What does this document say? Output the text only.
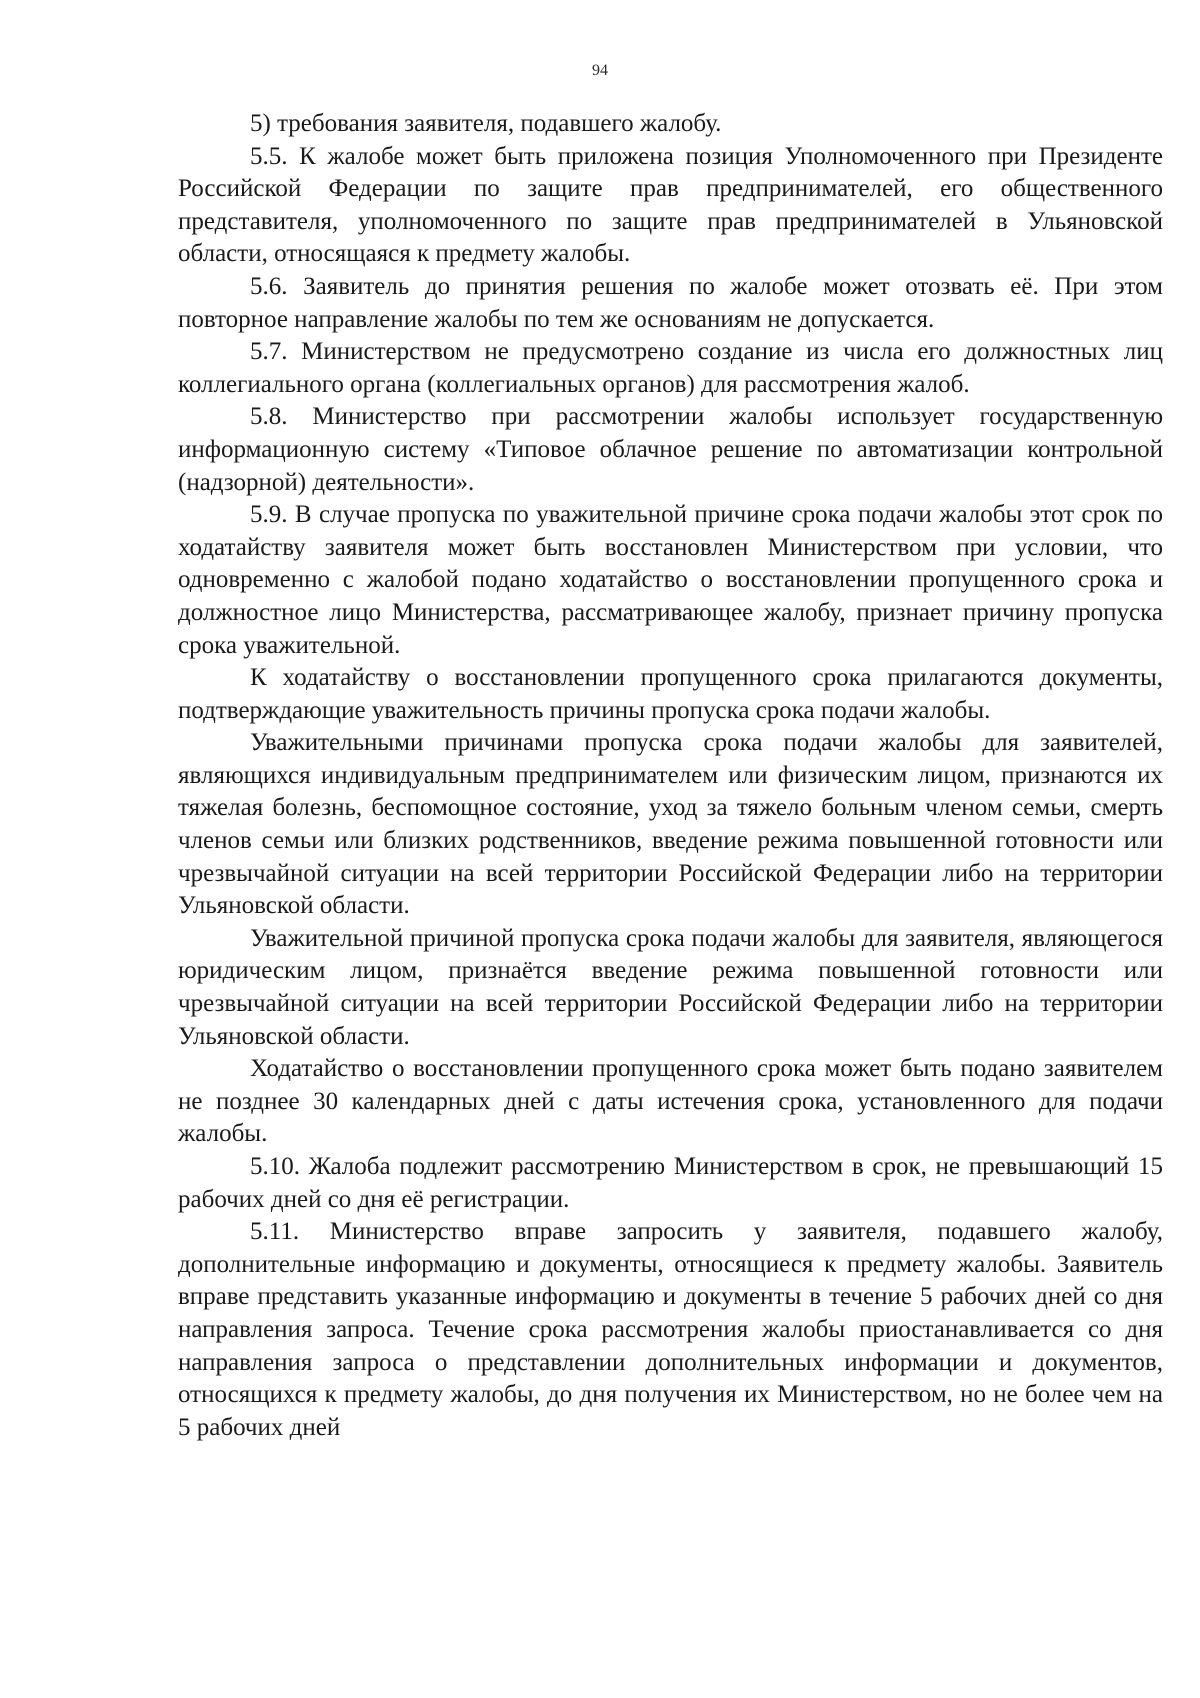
94

5) требования заявителя, подавшего жалобу.

5.5. К жалобе может быть приложена позиция Уполномоченного при Президенте Российской Федерации по защите прав предпринимателей, его общественного представителя, уполномоченного по защите прав предпринимателей в Ульяновской области, относящаяся к предмету жалобы.

5.6. Заявитель до принятия решения по жалобе может отозвать её. При этом повторное направление жалобы по тем же основаниям не допускается.

5.7. Министерством не предусмотрено создание из числа его должностных лиц коллегиального органа (коллегиальных органов) для рассмотрения жалоб.

5.8. Министерство при рассмотрении жалобы использует государственную информационную систему «Типовое облачное решение по автоматизации контрольной (надзорной) деятельности».

5.9. В случае пропуска по уважительной причине срока подачи жалобы этот срок по ходатайству заявителя может быть восстановлен Министерством при условии, что одновременно с жалобой подано ходатайство о восстановлении пропущенного срока и должностное лицо Министерства, рассматривающее жалобу, признает причину пропуска срока уважительной.

К ходатайству о восстановлении пропущенного срока прилагаются документы, подтверждающие уважительность причины пропуска срока подачи жалобы.

Уважительными причинами пропуска срока подачи жалобы для заявителей, являющихся индивидуальным предпринимателем или физическим лицом, признаются их тяжелая болезнь, беспомощное состояние, уход за тяжело больным членом семьи, смерть членов семьи или близких родственников, введение режима повышенной готовности или чрезвычайной ситуации на всей территории Российской Федерации либо на территории Ульяновской области.

Уважительной причиной пропуска срока подачи жалобы для заявителя, являющегося юридическим лицом, признаётся введение режима повышенной готовности или чрезвычайной ситуации на всей территории Российской Федерации либо на территории Ульяновской области.

Ходатайство о восстановлении пропущенного срока может быть подано заявителем не позднее 30 календарных дней с даты истечения срока, установленного для подачи жалобы.

5.10. Жалоба подлежит рассмотрению Министерством в срок, не превышающий 15 рабочих дней со дня её регистрации.

5.11. Министерство вправе запросить у заявителя, подавшего жалобу, дополнительные информацию и документы, относящиеся к предмету жалобы. Заявитель вправе представить указанные информацию и документы в течение 5 рабочих дней со дня направления запроса. Течение срока рассмотрения жалобы приостанавливается со дня направления запроса о представлении дополнительных информации и документов, относящихся к предмету жалобы, до дня получения их Министерством, но не более чем на 5 рабочих дней
